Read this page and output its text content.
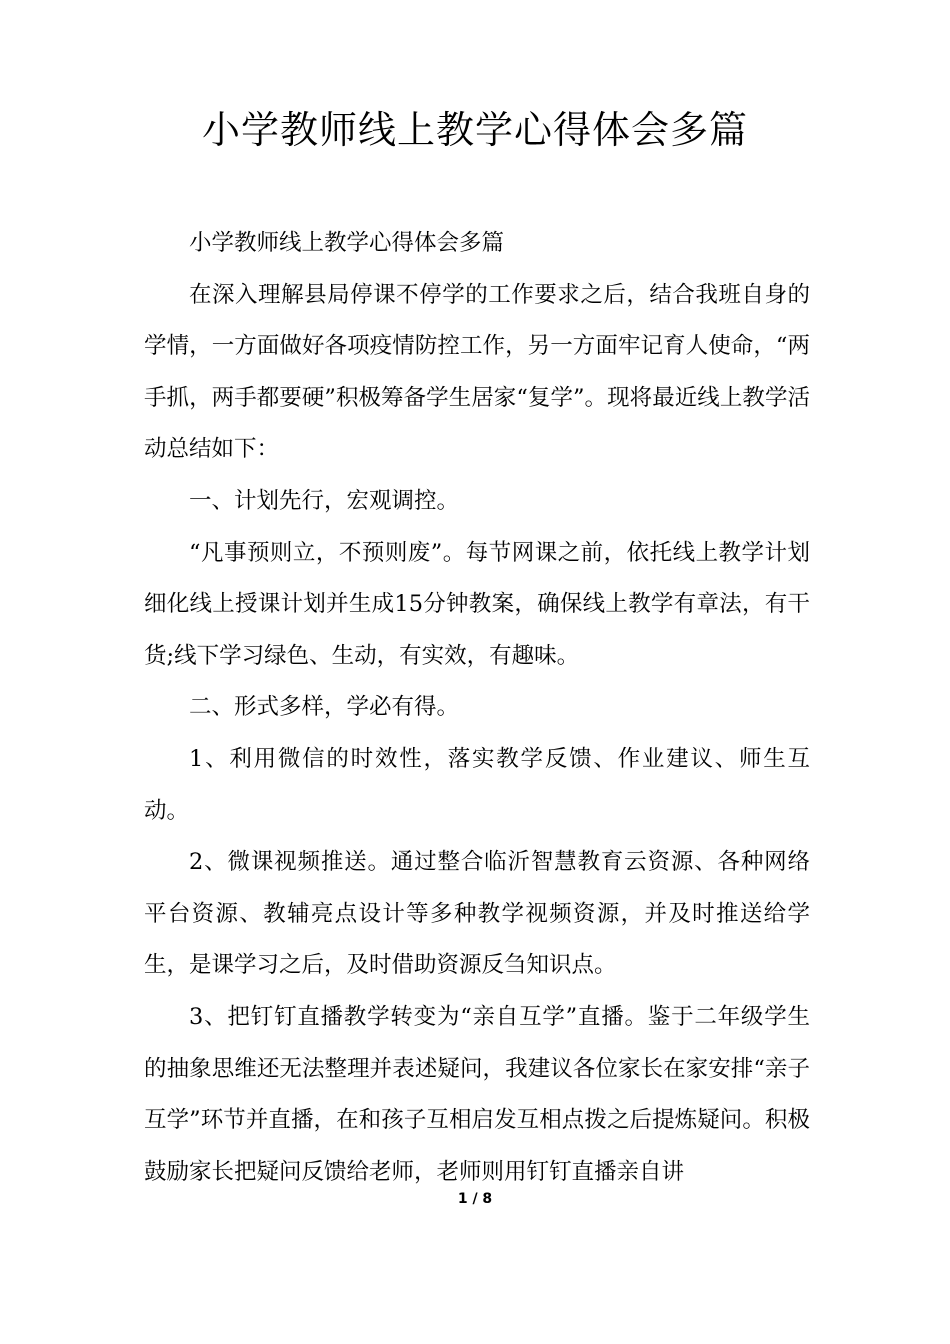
小学教师线上教学心得体会多篇

小学教师线上教学心得体会多篇

在深入理解县局停课不停学的工作要求之后，结合我班自身的学情，一方面做好各项疫情防控工作，另一方面牢记育人使命，“两手抓，两手都要硬”积极筹备学生居家“复学”。现将最近线上教学活动总结如下：

一、计划先行，宏观调控。

“凡事预则立，不预则废”。每节网课之前，依托线上教学计划细化线上授课计划并生成15分钟教案，确保线上教学有章法，有干货;线下学习绿色、生动，有实效，有趣味。

二、形式多样，学必有得。

1、利用微信的时效性，落实教学反馈、作业建议、师生互动。

2、微课视频推送。通过整合临沂智慧教育云资源、各种网络平台资源、教辅亮点设计等多种教学视频资源，并及时推送给学生，是课学习之后，及时借助资源反刍知识点。

3、把钉钉直播教学转变为“亲自互学”直播。鉴于二年级学生的抽象思维还无法整理并表述疑问，我建议各位家长在家安排“亲子互学”环节并直播，在和孩子互相启发互相点拨之后提炼疑问。积极鼓励家长把疑问反馈给老师，老师则用钉钉直播亲自讲

1 / 8
